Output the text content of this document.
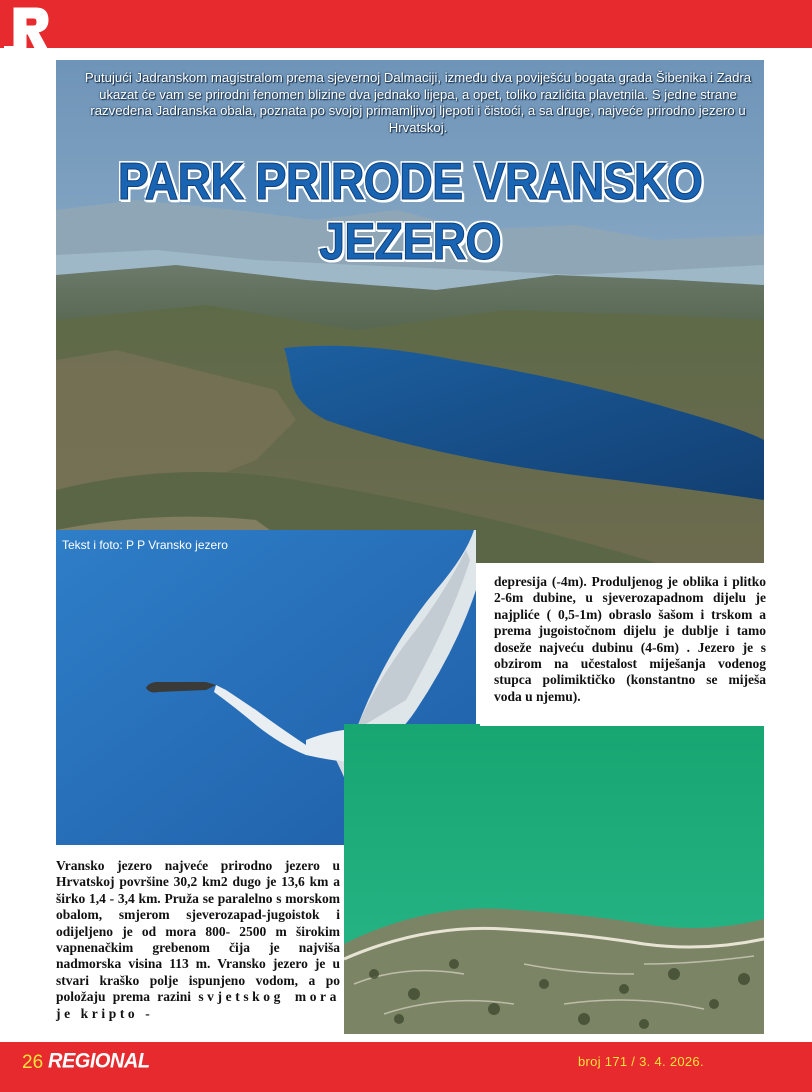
Putujući Jadranskom magistralom prema sjevernoj Dalmaciji, između dva poviješću bogata grada Šibenika i Zadra ukazat će vam se prirodni fenomen blizine dva jednako lijepa, a opet, toliko različita plavetnila. S jedne strane razvedena Jadranska obala, poznata po svojoj primamljivoj ljepoti i čistoći, a sa druge, najveće prirodno jezero u Hrvatskoj.
PARK PRIRODE VRANSKO JEZERO
Tekst i foto: P P Vransko jezero
depresija (-4m). Produljenog je oblika i plitko 2-6m dubine, u sjeverozapadnom dijelu je najpliće ( 0,5-1m) obraslo šašom i trskom a prema jugoistočnom dijelu je dublje i tamo doseže najveću dubinu (4-6m) . Jezero je s obzirom na učestalost miješanja vodenog stupca polimiktičko (konstantno se miješa voda u njemu).
Vransko jezero najveće prirodno jezero u Hrvatskoj površine 30,2 km2 dugo je 13,6 km a širko 1,4 - 3,4 km. Pruža se paralelno s morskom obalom, smjerom sjeverozapad-jugoistok i odijeljeno je od mora 800- 2500 m širokim vapnenačkim grebenom čija je najviša nadmorska visina 113 m. Vransko jezero je u stvari kraško polje ispunjeno vodom, a po položaju prema razini svjetskog mora je kripto -
26 REGIONAL	broj 171 / 3. 4. 2026.
